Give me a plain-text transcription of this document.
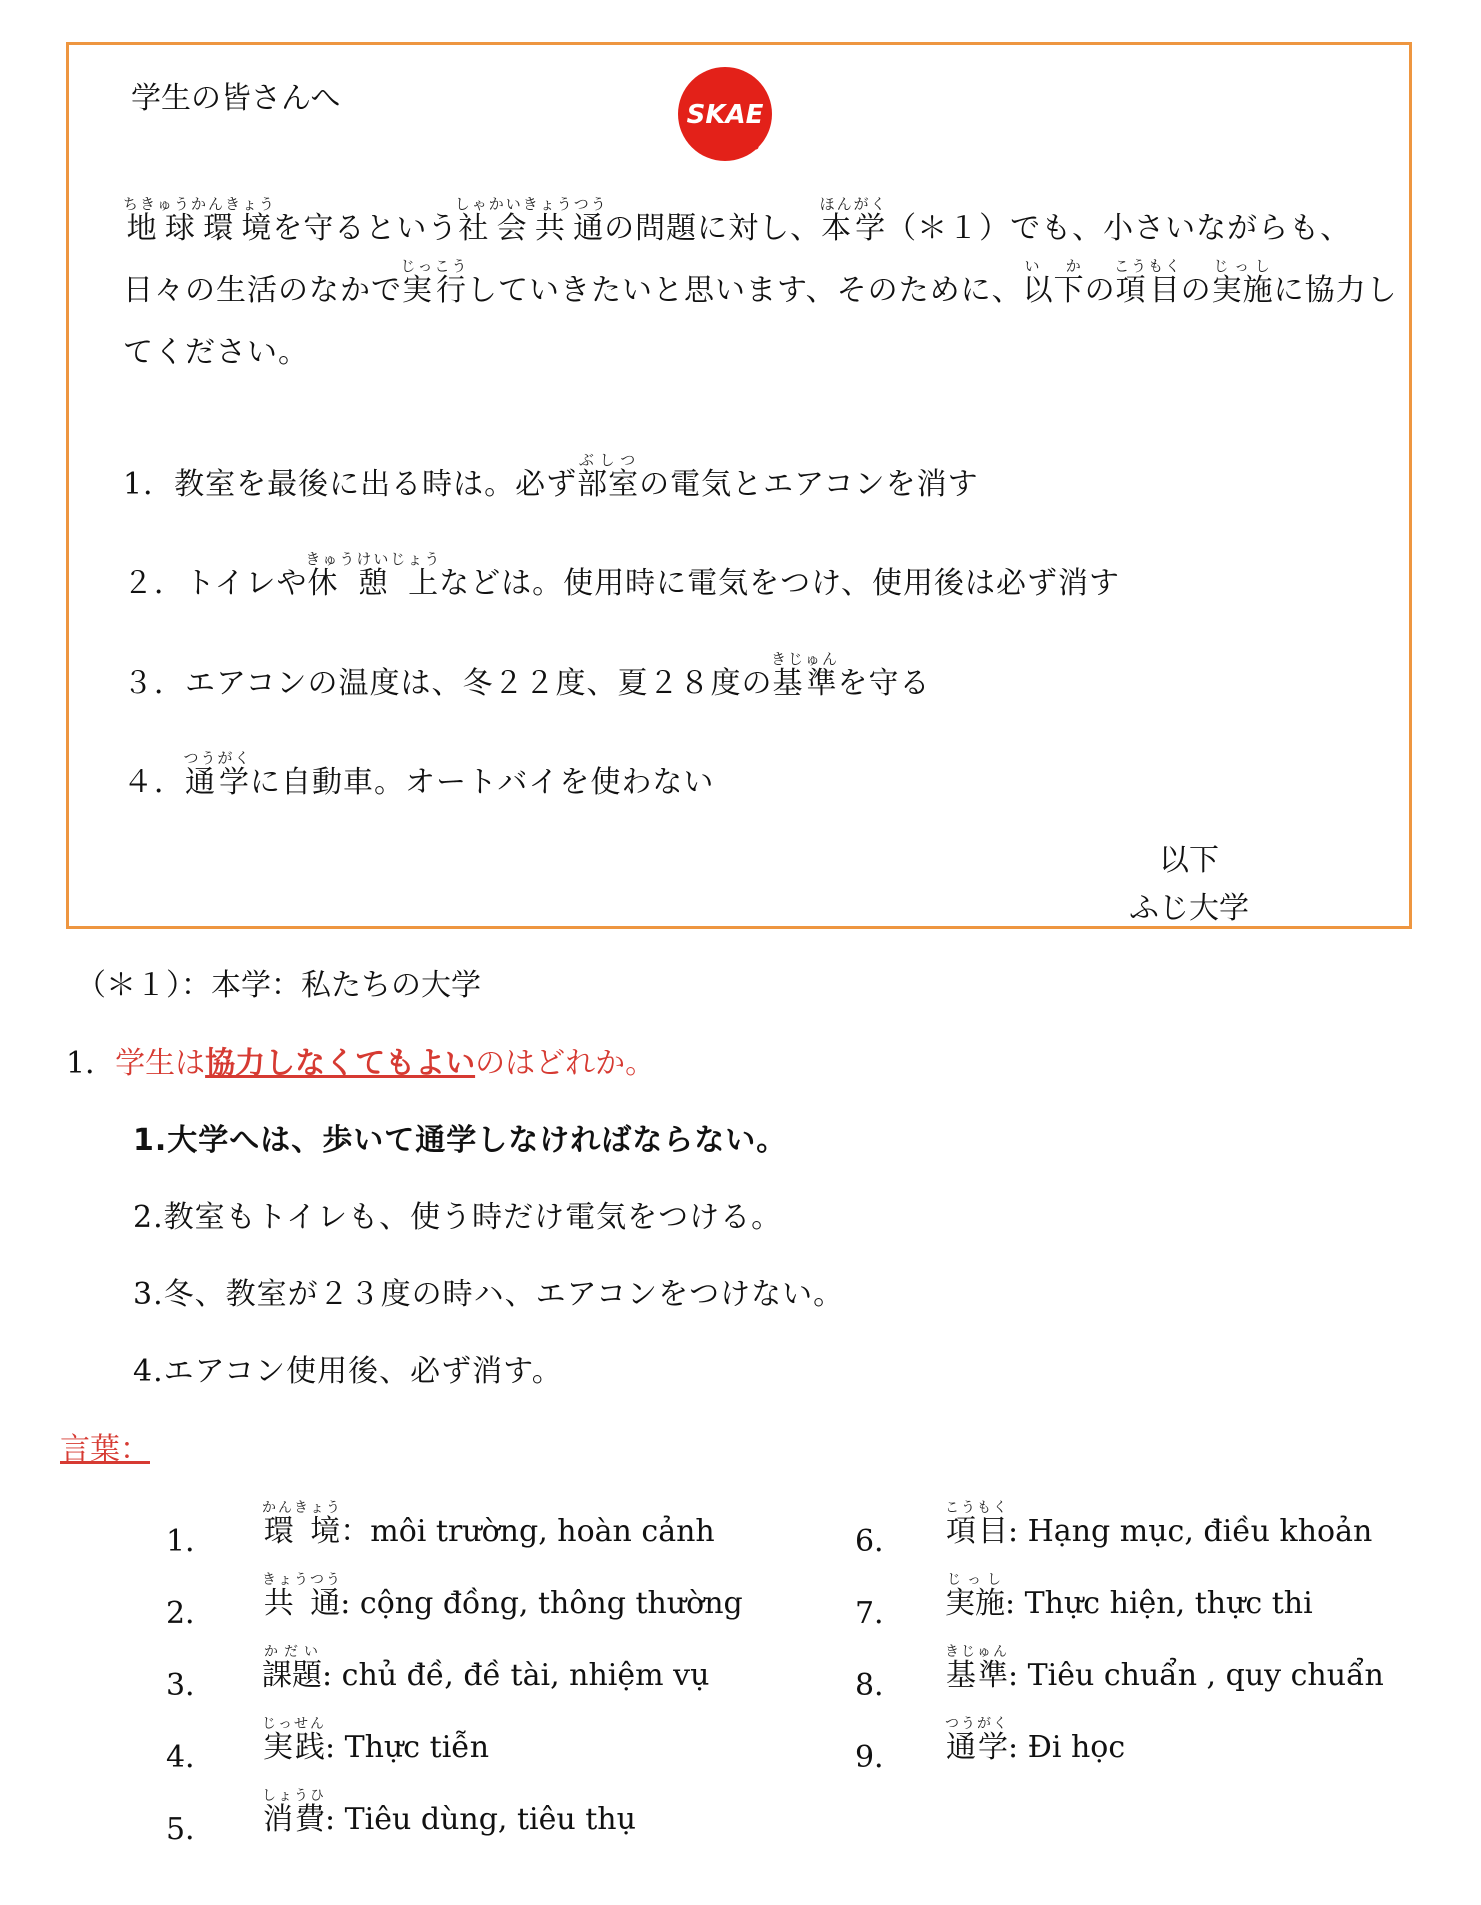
学生の皆さんへ	SKAE
地球環境ちきゅうかんきょうを守るという社会共通しゃかいきょうつうの問題に対し、本学ほんがく（＊１）でも、小さいながらも、日々の生活のなかで実行じっこうしていきたいと思います、そのために、以下い　かの項目こうもくの実施じっしに協力してください。
1．教室を最後に出る時は。必ず部室ぶしつの電気とエアコンを消す
２．トイレや休 憩 上きゅうけいじょうなどは。使用時に電気をつけ、使用後は必ず消す
３．エアコンの温度は、冬２２度、夏２８度の基準きじゅんを守る
４．通学つうがくに自動車。オートバイを使わない
以下
ふじ大学
（＊１）：本学：私たちの大学
1．学生は協力しなくてもよいのはどれか。
1.大学へは、歩いて通学しなければならない。
2.教室もトイレも、使う時だけ電気をつける。
3.冬、教室が２３度の時ハ、エアコンをつけない。
4.エアコン使用後、必ず消す。
言葉：
1． 環 境かんきょう：môi trường, hoàn cảnh
2． 共 通きょうつう: cộng đồng, thông thường
3． 課題かだい: chủ đề, đề tài, nhiệm vụ
4． 実践じっせん: Thực tiễn
5． 消費しょうひ: Tiêu dùng, tiêu thụ
6． 項目こうもく: Hạng mục, điều khoản
7． 実施じっし: Thực hiện, thực thi
8． 基準きじゅん: Tiêu chuẩn , quy chuẩn
9． 通学つうがく: Đi học
